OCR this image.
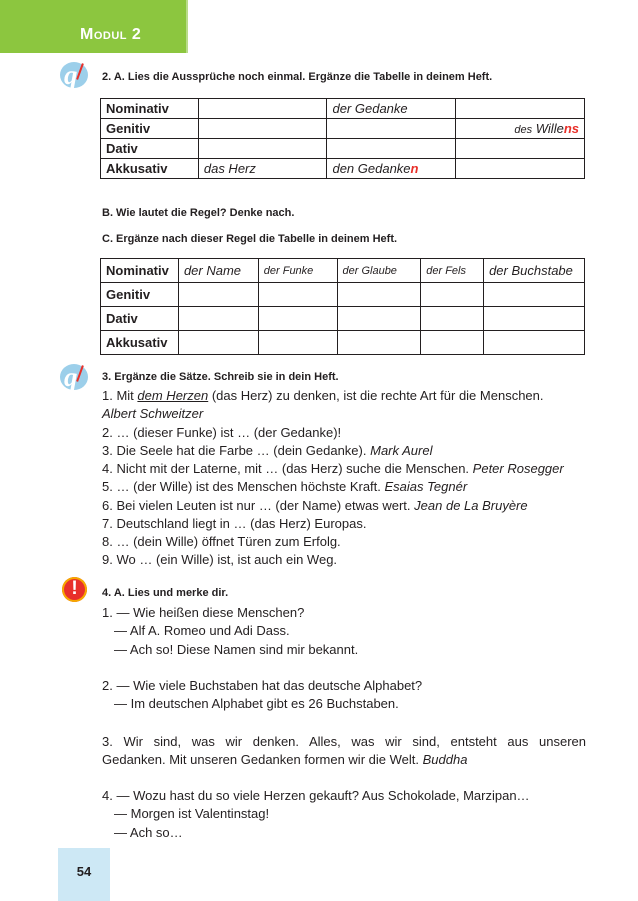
Modul 2
q 2. A. Lies die Aussprüche noch einmal. Ergänze die Tabelle in deinem Heft.
Nominativ		der Gedanke	
Genitiv			des Willens
Dativ			
Akkusativ	das Herz	den Gedanken	
B. Wie lautet die Regel? Denke nach.
C. Ergänze nach dieser Regel die Tabelle in deinem Heft.
Nominativ	der Name	der Funke	der Glaube	der Fels	der Buchstabe
Genitiv					
Dativ					
Akkusativ					
q 3. Ergänze die Sätze. Schreib sie in dein Heft.
1. Mit dem Herzen (das Herz) zu denken, ist die rechte Art für die Menschen.
Albert Schweitzer
2. … (dieser Funke) ist … (der Gedanke)!
3. Die Seele hat die Farbe … (dein Gedanke). Mark Aurel
4. Nicht mit der Laterne, mit … (das Herz) suche die Menschen. Peter Rosegger
5. … (der Wille) ist des Menschen höchste Kraft. Esaias Tegnér
6. Bei vielen Leuten ist nur … (der Name) etwas wert. Jean de La Bruyère
7. Deutschland liegt in … (das Herz) Europas.
8. … (dein Wille) öffnet Türen zum Erfolg.
9. Wo … (ein Wille) ist, ist auch ein Weg.
!	4. A. Lies und merke dir.
1. — Wie heißen diese Menschen?
— Alf A. Romeo und Adi Dass.
— Ach so! Diese Namen sind mir bekannt.
2. — Wie viele Buchstaben hat das deutsche Alphabet?
— Im deutschen Alphabet gibt es 26 Buchstaben.
3. Wir sind, was wir denken. Alles, was wir sind, entsteht aus unseren
Gedanken. Mit unseren Gedanken formen wir die Welt. Buddha
4. — Wozu hast du so viele Herzen gekauft? Aus Schokolade, Marzipan…
— Morgen ist Valentinstag!
— Ach so…
54
